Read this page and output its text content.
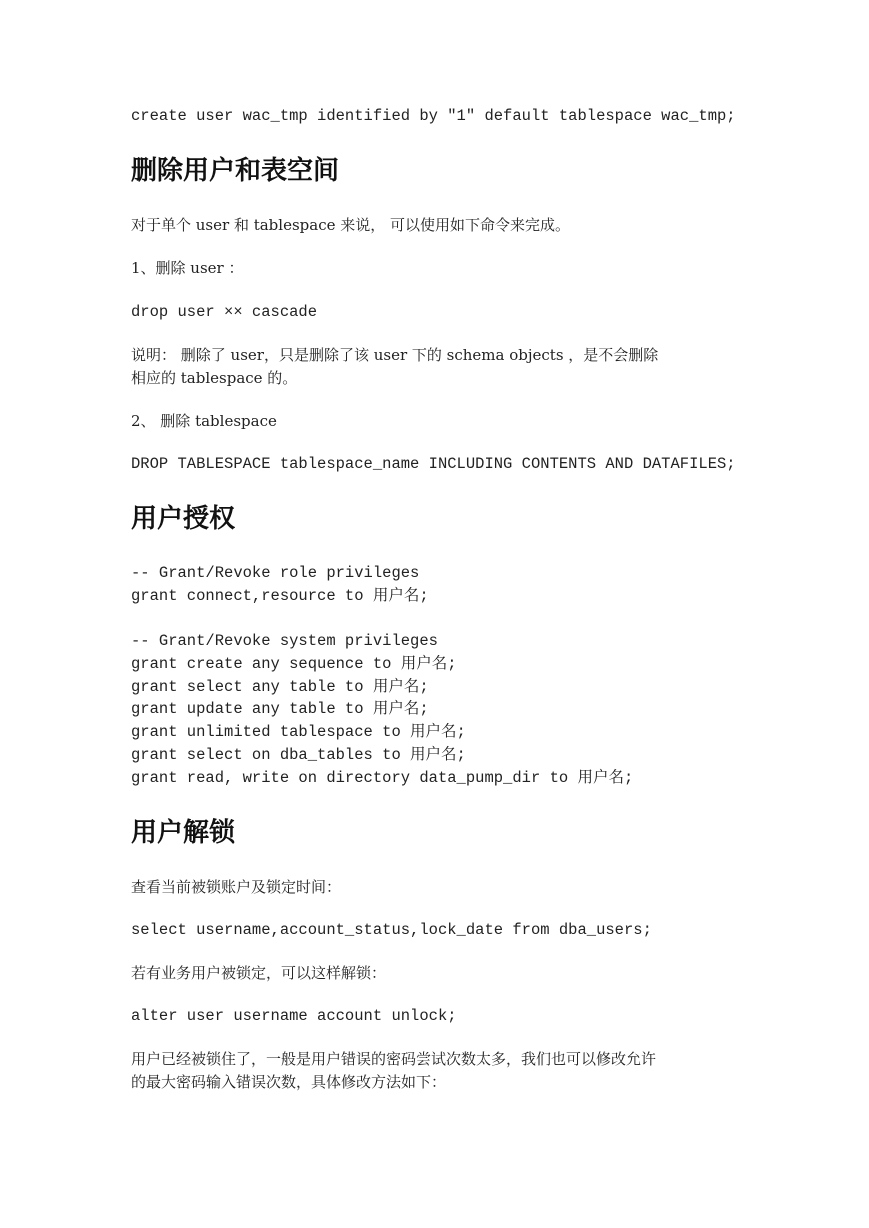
create user wac_tmp identified by "1" default tablespace wac_tmp;
删除用户和表空间
对于单个 user 和 tablespace 来说， 可以使用如下命令来完成。
1、删除 user ：
drop user ×× cascade
说明： 删除了 user，只是删除了该 user 下的 schema objects ，是不会删除
相应的 tablespace 的。
2、 删除 tablespace
DROP TABLESPACE tablespace_name INCLUDING CONTENTS AND DATAFILES;
用户授权
-- Grant/Revoke role privileges
grant connect,resource to 用户名;
-- Grant/Revoke system privileges
grant create any sequence to 用户名;
grant select any table to 用户名;
grant update any table to 用户名;
grant unlimited tablespace to 用户名;
grant select on dba_tables to 用户名;
grant read, write on directory data_pump_dir to 用户名;
用户解锁
查看当前被锁账户及锁定时间：
select username,account_status,lock_date from dba_users;
若有业务用户被锁定，可以这样解锁：
alter user username account unlock;
用户已经被锁住了，一般是用户错误的密码尝试次数太多，我们也可以修改允许
的最大密码输入错误次数，具体修改方法如下：
